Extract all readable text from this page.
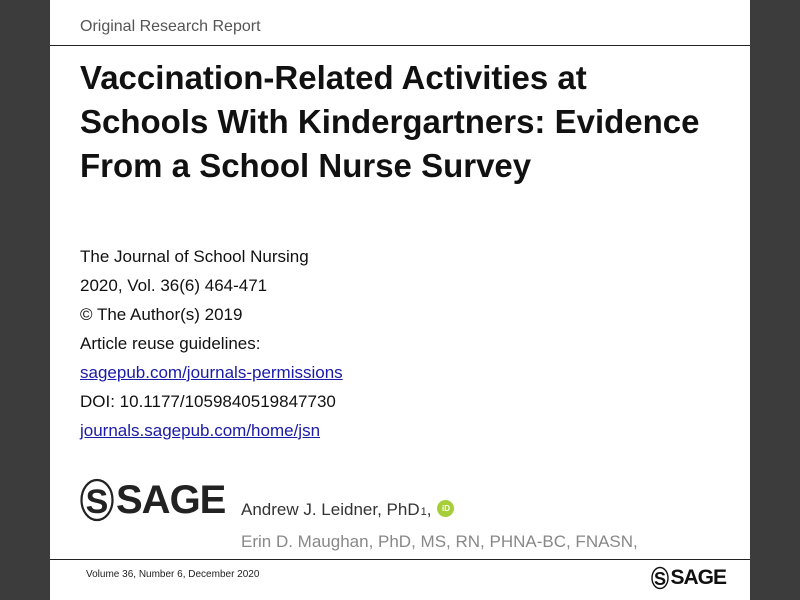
Original Research Report
Vaccination-Related Activities at Schools With Kindergartners: Evidence From a School Nurse Survey
The Journal of School Nursing
2020, Vol. 36(6) 464-471
© The Author(s) 2019
Article reuse guidelines:
sagepub.com/journals-permissions
DOI: 10.1177/1059840519847730
journals.sagepub.com/home/jsn
S SAGE Andrew J. Leidner, PhD 1 ,	iD
Erin D. Maughan, PhD, MS, RN, PHNA-BC, FNASN,
Volume 36, Number 6, December 2020	S SAGE
